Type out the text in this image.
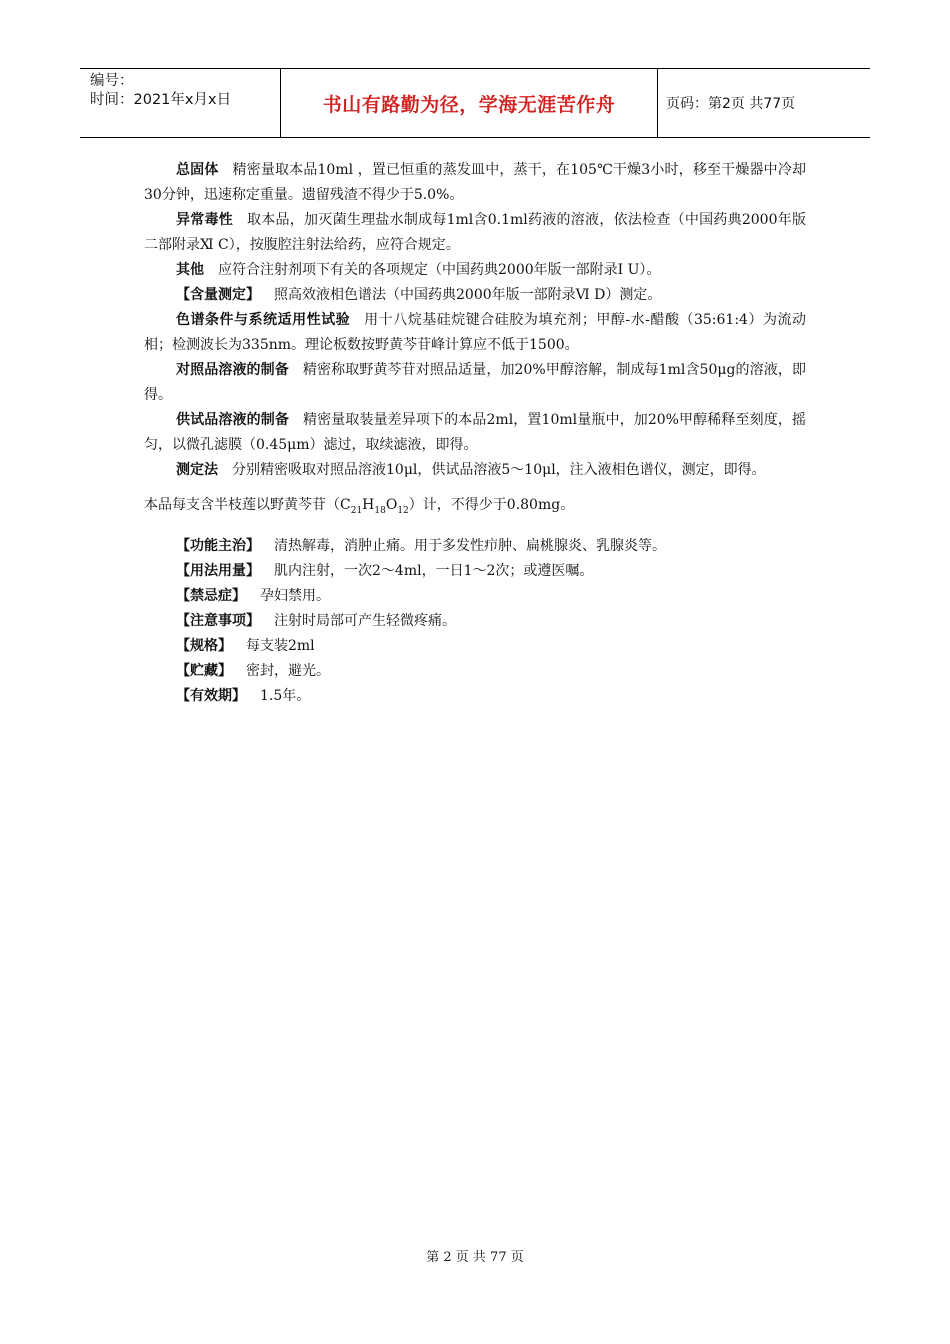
编号：
时间：2021年x月x日	书山有路勤为径，学海无涯苦作舟	页码：第2页 共77页

总固体 精密量取本品10ml ，置已恒重的蒸发皿中，蒸干，在105℃干燥3小时，移至干燥器中冷却30分钟，迅速称定重量。遗留残渣不得少于5.0%。

异常毒性 取本品，加灭菌生理盐水制成每1ml含0.1ml药液的溶液，依法检查（中国药典2000年版二部附录Ⅺ C），按腹腔注射法给药，应符合规定。

其他 应符合注射剂项下有关的各项规定（中国药典2000年版一部附录Ⅰ U）。

【含量测定】 照高效液相色谱法（中国药典2000年版一部附录Ⅵ D）测定。

色谱条件与系统适用性试验 用十八烷基硅烷键合硅胶为填充剂；甲醇-水-醋酸（35:61:4）为流动相；检测波长为335nm。理论板数按野黄芩苷峰计算应不低于1500。

对照品溶液的制备 精密称取野黄芩苷对照品适量，加20%甲醇溶解，制成每1ml含50μg的溶液，即得。

供试品溶液的制备 精密量取装量差异项下的本品2ml，置10ml量瓶中，加20%甲醇稀释至刻度，摇匀，以微孔滤膜（0.45μm）滤过，取续滤液，即得。

测定法 分别精密吸取对照品溶液10μl，供试品溶液5～10μl，注入液相色谱仪，测定，即得。

本品每支含半枝莲以野黄芩苷$(C_{21}H_{18}O_{12})$计，不得少于0.80mg。

【功能主治】 清热解毒，消肿止痛。用于多发性疖肿、扁桃腺炎、乳腺炎等。

【用法用量】 肌内注射，一次2～4ml，一日1～2次；或遵医嘱。

【禁忌症】 孕妇禁用。

【注意事项】 注射时局部可产生轻微疼痛。

【规格】 每支装2ml

【贮藏】 密封，避光。

【有效期】 1.5年。

第 2 页 共 77 页
